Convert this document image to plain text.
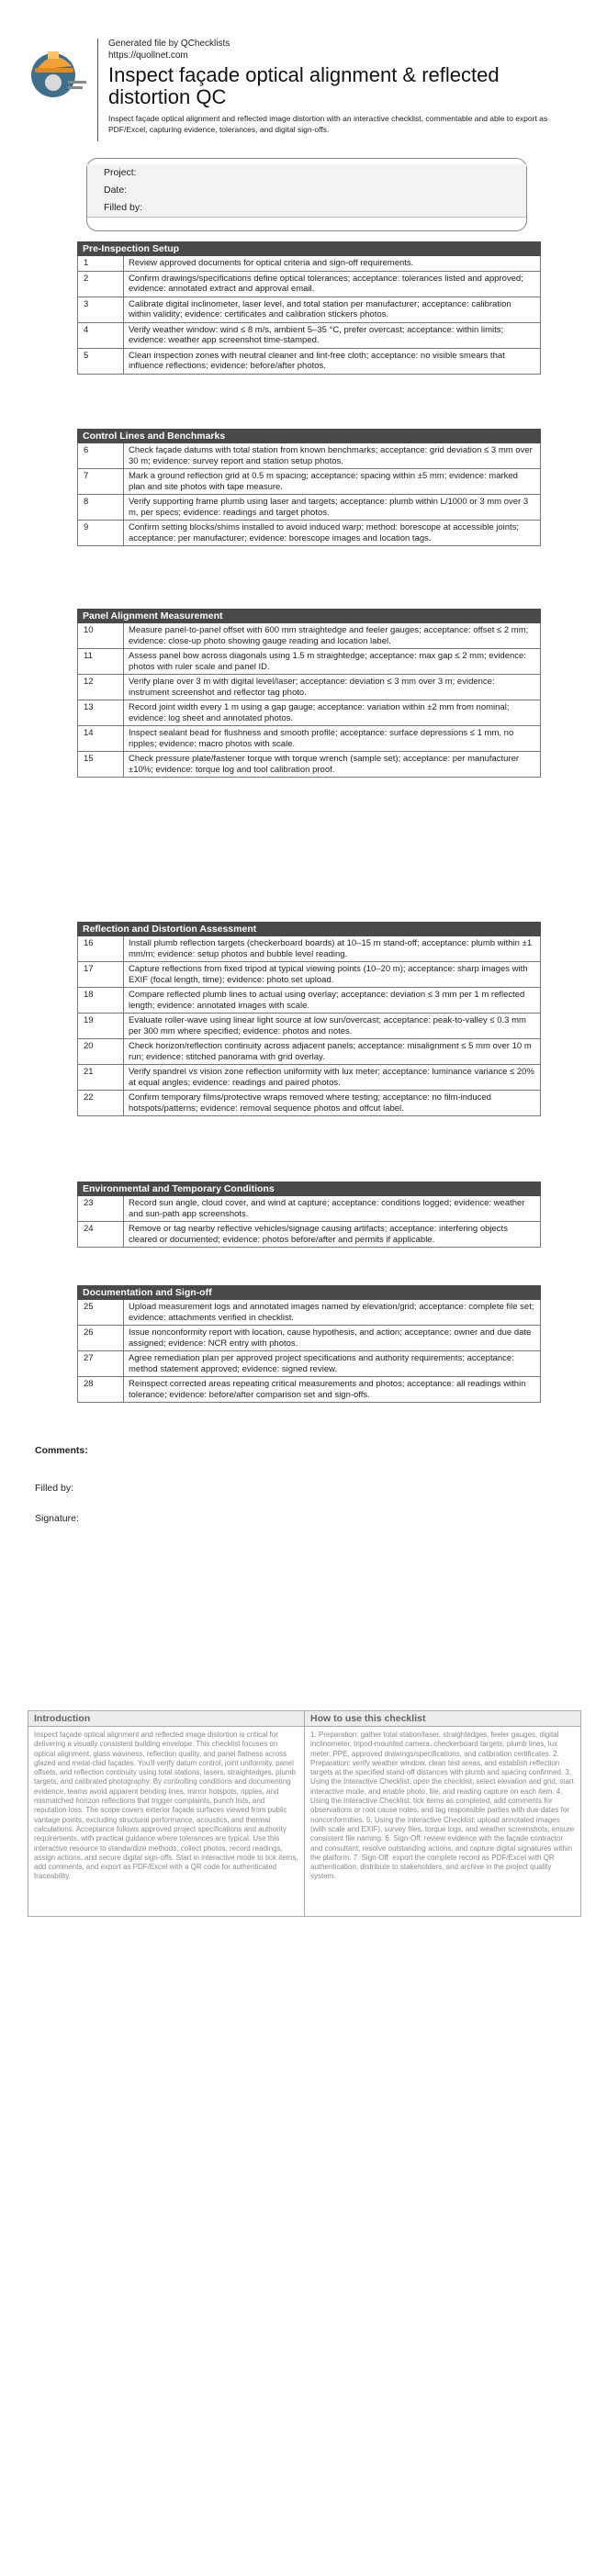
Generated file by QChecklists
https://quollnet.com
Inspect façade optical alignment & reflected distortion QC
Inspect façade optical alignment and reflected image distortion with an interactive checklist, commentable and able to export as PDF/Excel, capturing evidence, tolerances, and digital sign-offs.
Project:
Date:
Filled by:
Pre-Inspection Setup
1	Review approved documents for optical criteria and sign-off requirements.
2	Confirm drawings/specifications define optical tolerances; acceptance: tolerances listed and approved; evidence: annotated extract and approval email.
3	Calibrate digital inclinometer, laser level, and total station per manufacturer; acceptance: calibration within validity; evidence: certificates and calibration stickers photos.
4	Verify weather window: wind ≤ 8 m/s, ambient 5–35 °C, prefer overcast; acceptance: within limits; evidence: weather app screenshot time-stamped.
5	Clean inspection zones with neutral cleaner and lint-free cloth; acceptance: no visible smears that influence reflections; evidence: before/after photos.
Control Lines and Benchmarks
6	Check façade datums with total station from known benchmarks; acceptance: grid deviation ≤ 3 mm over 30 m; evidence: survey report and station setup photos.
7	Mark a ground reflection grid at 0.5 m spacing; acceptance: spacing within ±5 mm; evidence: marked plan and site photos with tape measure.
8	Verify supporting frame plumb using laser and targets; acceptance: plumb within L/1000 or 3 mm over 3 m, per specs; evidence: readings and target photos.
9	Confirm setting blocks/shims installed to avoid induced warp; method: borescope at accessible joints; acceptance: per manufacturer; evidence: borescope images and location tags.
Panel Alignment Measurement
10	Measure panel-to-panel offset with 600 mm straightedge and feeler gauges; acceptance: offset ≤ 2 mm; evidence: close-up photo showing gauge reading and location label.
11	Assess panel bow across diagonals using 1.5 m straightedge; acceptance: max gap ≤ 2 mm; evidence: photos with ruler scale and panel ID.
12	Verify plane over 3 m with digital level/laser; acceptance: deviation ≤ 3 mm over 3 m; evidence: instrument screenshot and reflector tag photo.
13	Record joint width every 1 m using a gap gauge; acceptance: variation within ±2 mm from nominal; evidence: log sheet and annotated photos.
14	Inspect sealant bead for flushness and smooth profile; acceptance: surface depressions ≤ 1 mm, no ripples; evidence: macro photos with scale.
15	Check pressure plate/fastener torque with torque wrench (sample set); acceptance: per manufacturer ±10%; evidence: torque log and tool calibration proof.
Reflection and Distortion Assessment
16	Install plumb reflection targets (checkerboard boards) at 10–15 m stand-off; acceptance: plumb within ±1 mm/m; evidence: setup photos and bubble level reading.
17	Capture reflections from fixed tripod at typical viewing points (10–20 m); acceptance: sharp images with EXIF (focal length, time); evidence: photo set upload.
18	Compare reflected plumb lines to actual using overlay; acceptance: deviation ≤ 3 mm per 1 m reflected length; evidence: annotated images with scale.
19	Evaluate roller-wave using linear light source at low sun/overcast; acceptance: peak-to-valley ≤ 0.3 mm per 300 mm where specified; evidence: photos and notes.
20	Check horizon/reflection continuity across adjacent panels; acceptance: misalignment ≤ 5 mm over 10 m run; evidence: stitched panorama with grid overlay.
21	Verify spandrel vs vision zone reflection uniformity with lux meter; acceptance: luminance variance ≤ 20% at equal angles; evidence: readings and paired photos.
22	Confirm temporary films/protective wraps removed where testing; acceptance: no film-induced hotspots/patterns; evidence: removal sequence photos and offcut label.
Environmental and Temporary Conditions
23	Record sun angle, cloud cover, and wind at capture; acceptance: conditions logged; evidence: weather and sun-path app screenshots.
24	Remove or tag nearby reflective vehicles/signage causing artifacts; acceptance: interfering objects cleared or documented; evidence: photos before/after and permits if applicable.
Documentation and Sign-off
25	Upload measurement logs and annotated images named by elevation/grid; acceptance: complete file set; evidence: attachments verified in checklist.
26	Issue nonconformity report with location, cause hypothesis, and action; acceptance: owner and due date assigned; evidence: NCR entry with photos.
27	Agree remediation plan per approved project specifications and authority requirements; acceptance: method statement approved; evidence: signed review.
28	Reinspect corrected areas repeating critical measurements and photos; acceptance: all readings within tolerance; evidence: before/after comparison set and sign-offs.
Comments:
Filled by:
Signature:
Introduction
Inspect façade optical alignment and reflected image distortion is critical for delivering a visually consistent building envelope. This checklist focuses on optical alignment, glass waviness, reflection quality, and panel flatness across glazed and metal-clad façades. You'll verify datum control, joint uniformity, panel offsets, and reflection continuity using total stations, lasers, straightedges, plumb targets, and calibrated photography. By controlling conditions and documenting evidence, teams avoid apparent bending lines, mirror hotspots, ripples, and mismatched horizon reflections that trigger complaints, punch lists, and reputation loss. The scope covers exterior façade surfaces viewed from public vantage points, excluding structural performance, acoustics, and thermal calculations. Acceptance follows approved project specifications and authority requirements, with practical guidance where tolerances are typical. Use this interactive resource to standardize methods, collect photos, record readings, assign actions, and secure digital sign-offs. Start in interactive mode to tick items, add comments, and export as PDF/Excel with a QR code for authenticated traceability.
How to use this checklist
1. Preparation: gather total station/laser, straightedges, feeler gauges, digital inclinometer, tripod-mounted camera, checkerboard targets, plumb lines, lux meter, PPE, approved drawings/specifications, and calibration certificates. 2. Preparation: verify weather window, clean test areas, and establish reflection targets at the specified stand-off distances with plumb and spacing confirmed. 3. Using the Interactive Checklist: open the checklist, select elevation and grid, start interactive mode, and enable photo, file, and reading capture on each item. 4. Using the Interactive Checklist: tick items as completed, add comments for observations or root cause notes, and tag responsible parties with due dates for nonconformities. 5. Using the Interactive Checklist: upload annotated images (with scale and EXIF), survey files, torque logs, and weather screenshots; ensure consistent file naming. 6. Sign-Off: review evidence with the façade contractor and consultant; resolve outstanding actions, and capture digital signatures within the platform. 7. Sign-Off: export the complete record as PDF/Excel with QR authentication, distribute to stakeholders, and archive in the project quality system.
